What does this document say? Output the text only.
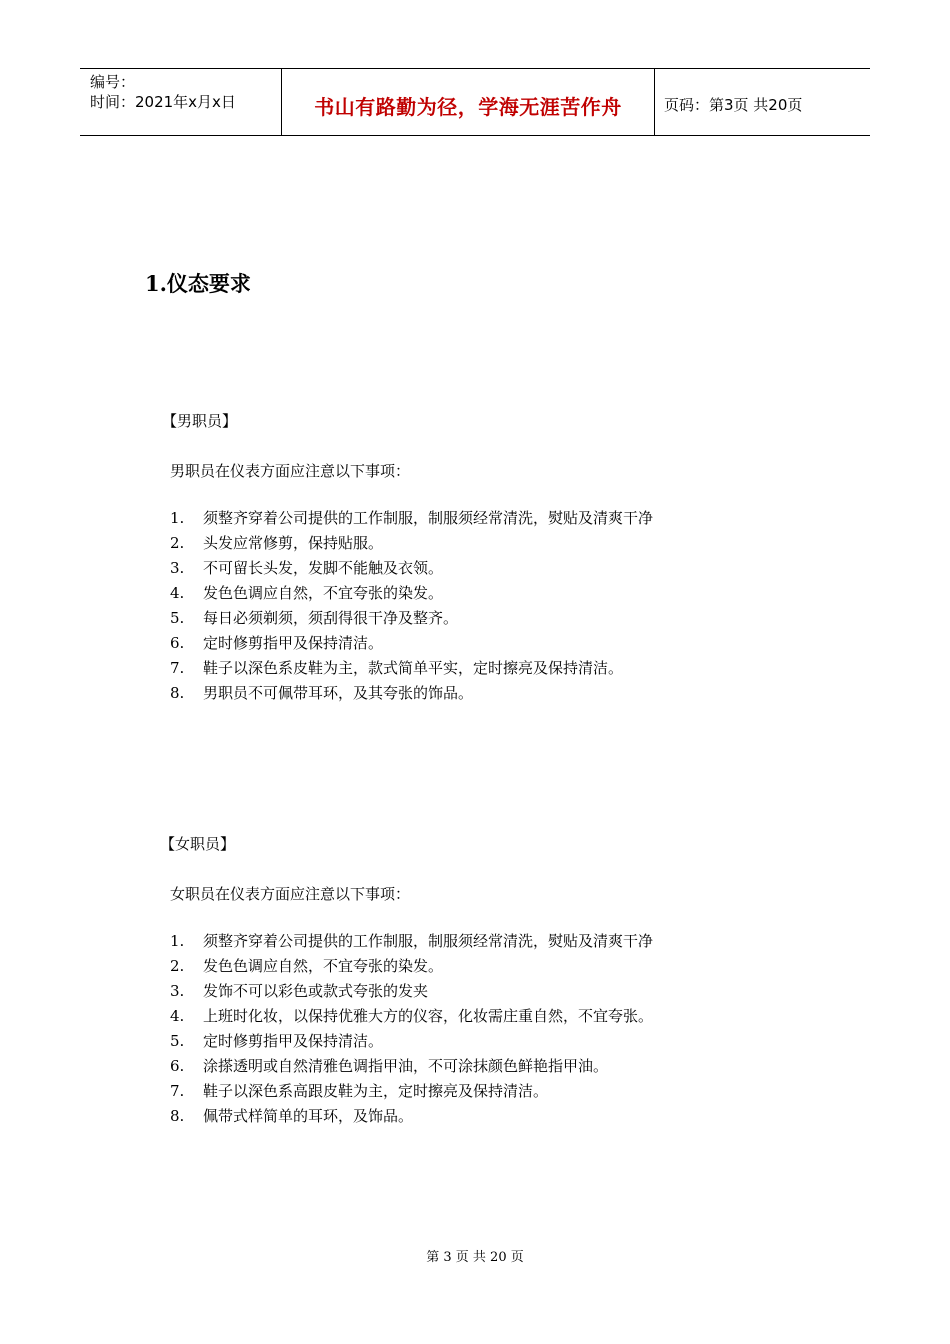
编号：
时间：2021年x月x日	书山有路勤为径，学海无涯苦作舟	页码：第3页 共20页
1.仪态要求
【男职员】
男职员在仪表方面应注意以下事项：
1. 须整齐穿着公司提供的工作制服，制服须经常清洗，熨贴及清爽干净
2. 头发应常修剪，保持贴服。
3. 不可留长头发，发脚不能触及衣领。
4. 发色色调应自然，不宜夸张的染发。
5. 每日必须剃须，须刮得很干净及整齐。
6. 定时修剪指甲及保持清洁。
7. 鞋子以深色系皮鞋为主，款式简单平实，定时擦亮及保持清洁。
8. 男职员不可佩带耳环，及其夸张的饰品。
【女职员】
女职员在仪表方面应注意以下事项：
1. 须整齐穿着公司提供的工作制服，制服须经常清洗，熨贴及清爽干净
2. 发色色调应自然，不宜夸张的染发。
3. 发饰不可以彩色或款式夸张的发夹
4. 上班时化妆，以保持优雅大方的仪容，化妆需庄重自然，不宜夸张。
5. 定时修剪指甲及保持清洁。
6. 涂搽透明或自然清雅色调指甲油，不可涂抹颜色鲜艳指甲油。
7. 鞋子以深色系高跟皮鞋为主，定时擦亮及保持清洁。
8. 佩带式样简单的耳环，及饰品。
第 3 页 共 20 页
